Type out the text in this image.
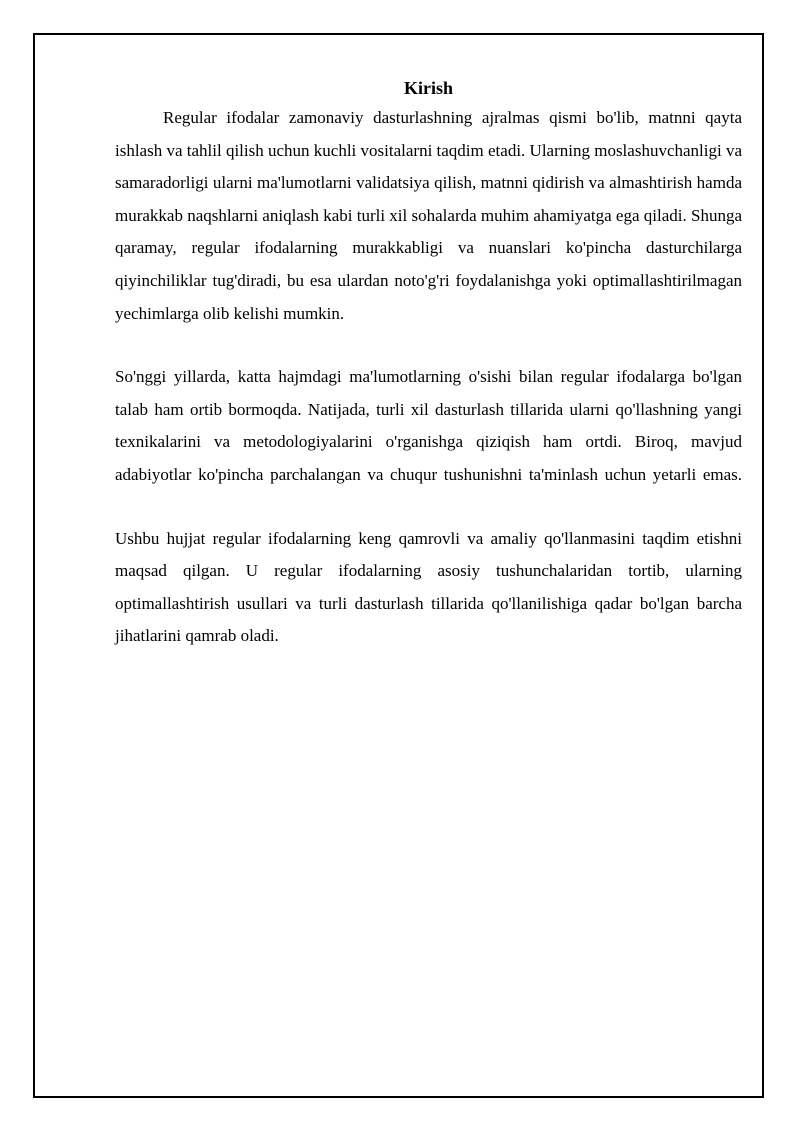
Kirish

Regular ifodalar zamonaviy dasturlashning ajralmas qismi bo'lib, matnni qayta ishlash va tahlil qilish uchun kuchli vositalarni taqdim etadi. Ularning moslashuvchanligi va samaradorligi ularni ma'lumotlarni validatsiya qilish, matnni qidirish va almashtirish hamda murakkab naqshlarni aniqlash kabi turli xil sohalarda muhim ahamiyatga ega qiladi. Shunga qaramay, regular ifodalarning murakkabligi va nuanslari ko'pincha dasturchilarga qiyinchiliklar tug'diradi, bu esa ulardan noto'g'ri foydalanishga yoki optimallashtirilmagan yechimlarga olib kelishi mumkin.

So'nggi yillarda, katta hajmdagi ma'lumotlarning o'sishi bilan regular ifodalarga bo'lgan talab ham ortib bormoqda. Natijada, turli xil dasturlash tillarida ularni qo'llashning yangi texnikalarini va metodologiyalarini o'rganishga qiziqish ham ortdi. Biroq, mavjud adabiyotlar ko'pincha parchalangan va chuqur tushunishni ta'minlash uchun yetarli emas.

Ushbu hujjat regular ifodalarning keng qamrovli va amaliy qo'llanmasini taqdim etishni maqsad qilgan. U regular ifodalarning asosiy tushunchalaridan tortib, ularning optimallashtirish usullari va turli dasturlash tillarida qo'llanilishiga qadar bo'lgan barcha jihatlarini qamrab oladi.
